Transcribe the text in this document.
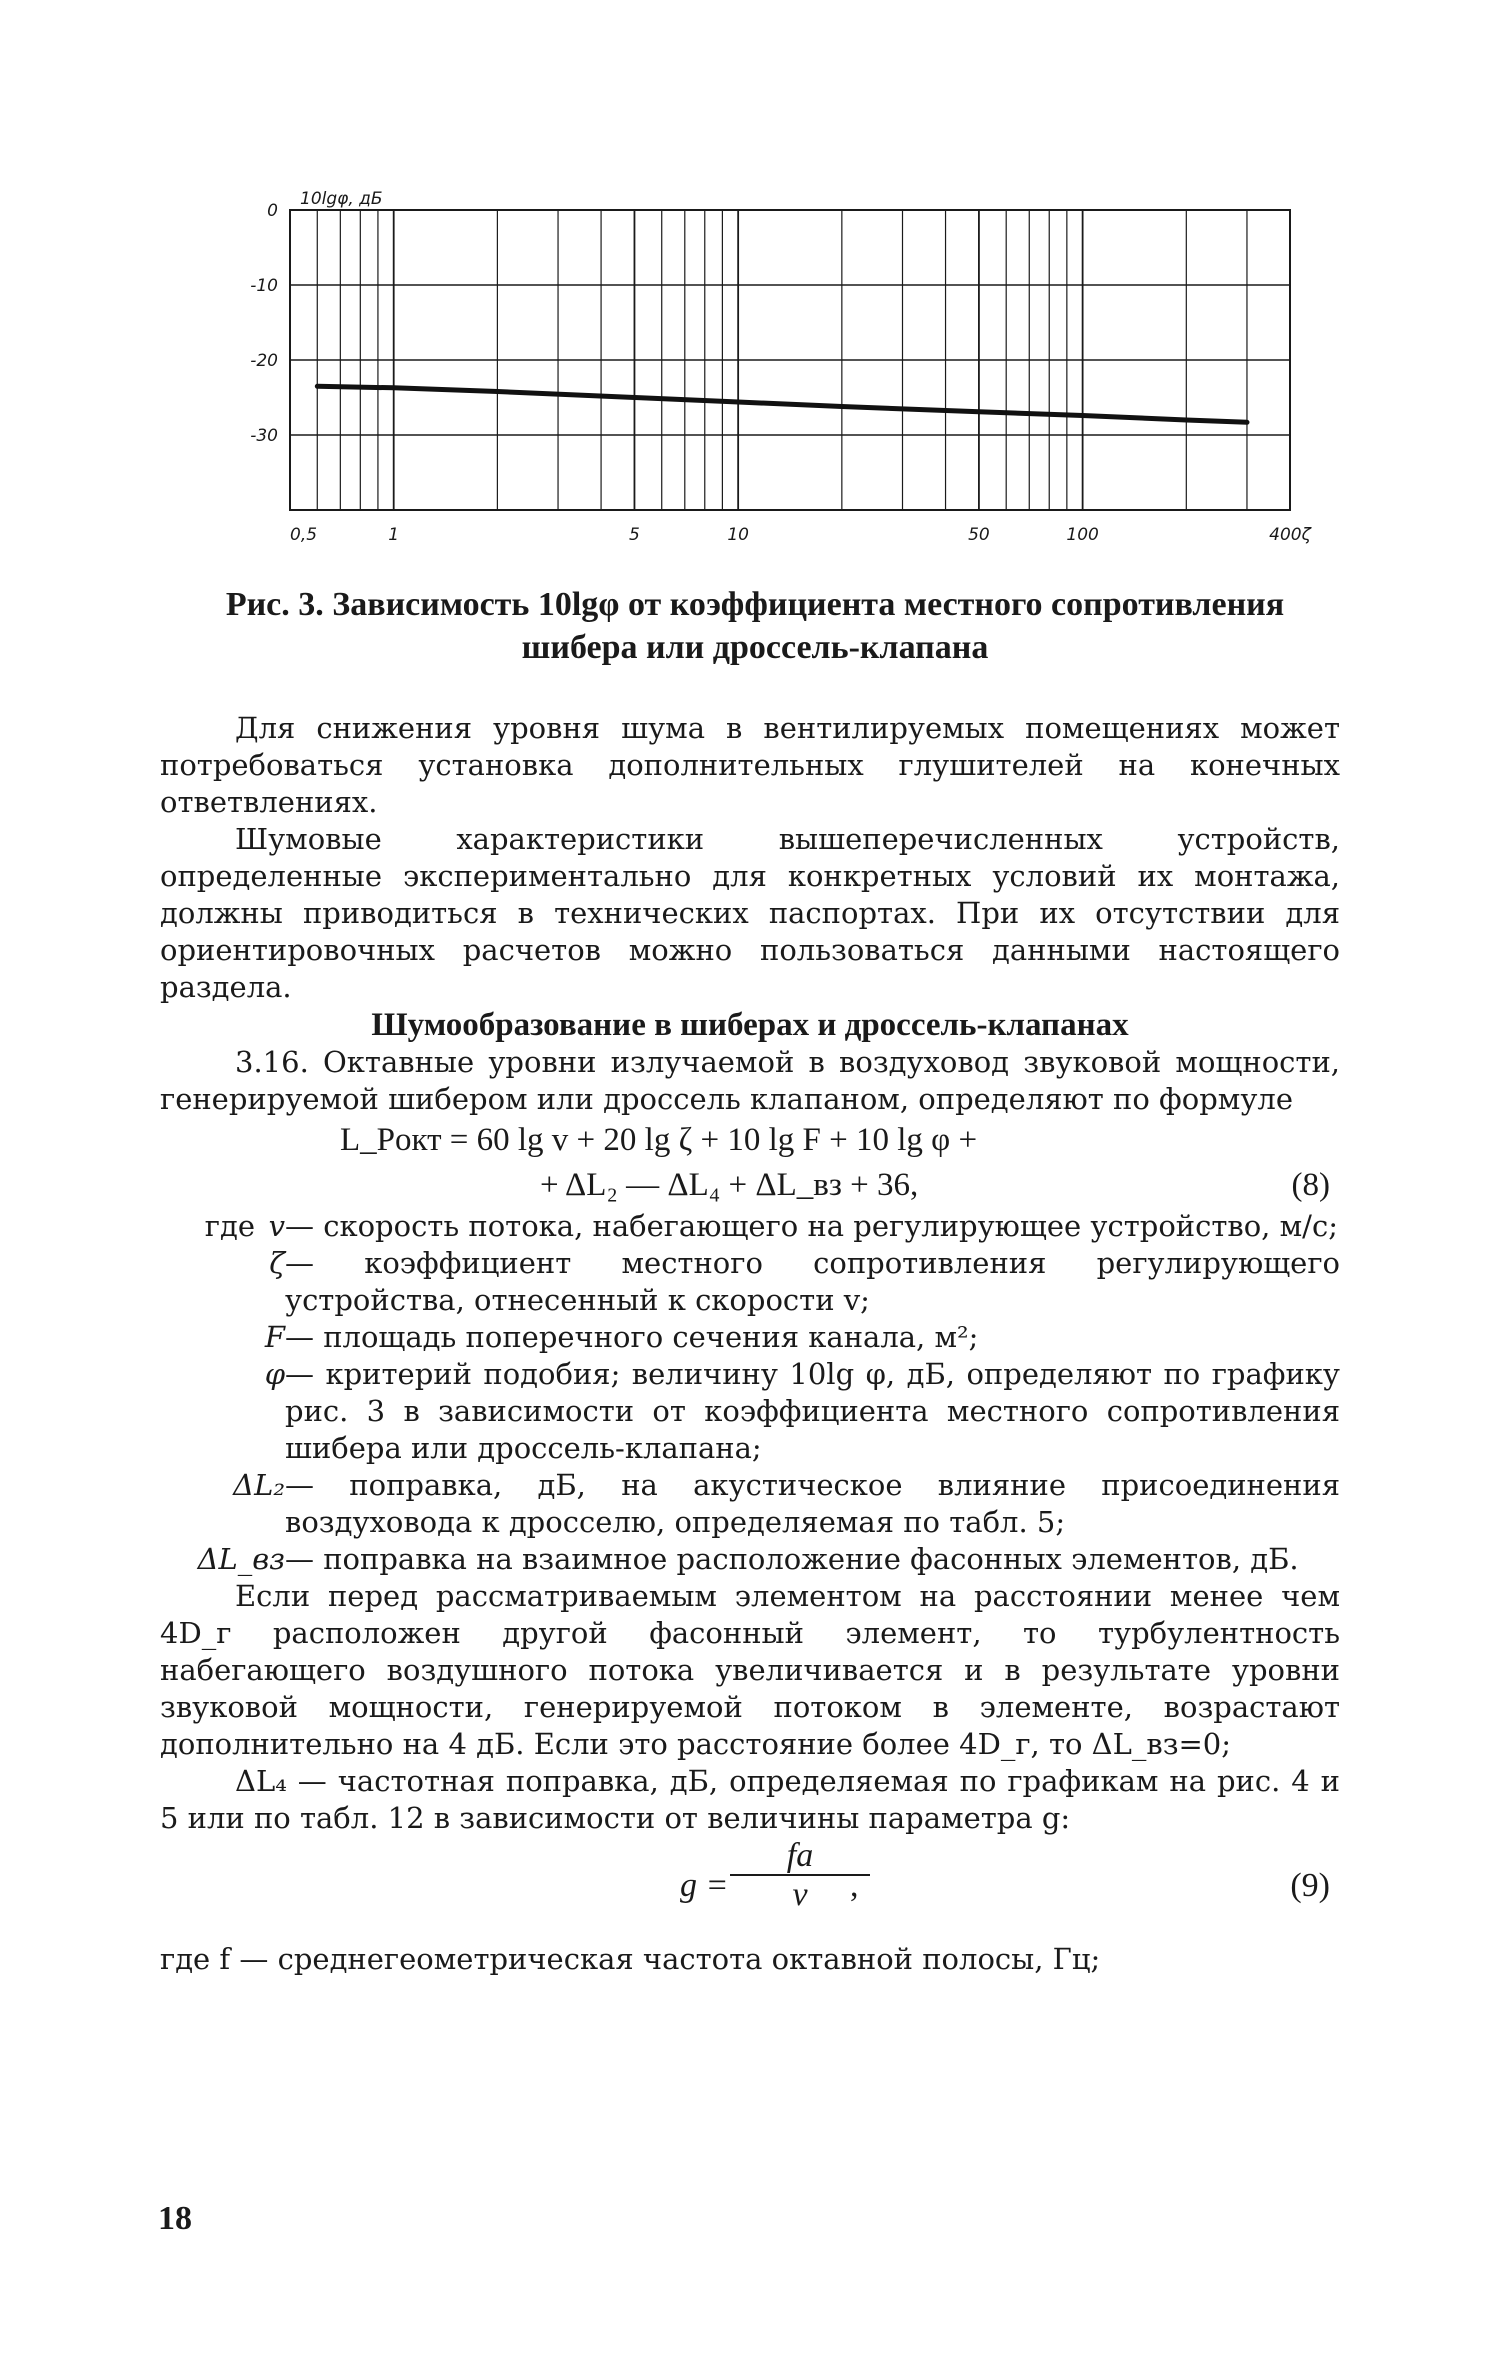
0
-10
-20
-30
10lgφ, дБ
0,5	1	5	10	50	100	400ζ
Рис. 3. Зависимость 10lgφ от коэффициента местного сопротивления шибера или дроссель-клапана

Для снижения уровня шума в вентилируемых помещениях может потребоваться установка дополнительных глушителей на конечных ответвлениях.

Шумовые характеристики вышеперечисленных устройств, определенные экспериментально для конкретных условий их монтажа, должны приводиться в технических паспортах. При их отсутствии для ориентировочных расчетов можно пользоваться данными настоящего раздела.

Шумообразование в шиберах и дроссель-клапанах

3.16. Октавные уровни излучаемой в воздуховод звуковой мощности, генерируемой шибером или дроссель клапаном, определяют по формуле

L_Pокт = 60 lg v + 20 lg ζ + 10 lg F + 10 lg φ +
+ ΔL₂ — ΔL₄ + ΔL_вз + 36,	(8)
где v — скорость потока, набегающего на регулирующее устройство, м/с;
ζ — коэффициент местного сопротивления регулирующего устройства, отнесенный к скорости v;
F — площадь поперечного сечения канала, м²;
φ — критерий подобия; величину 10lg φ, дБ, определяют по графику рис. 3 в зависимости от коэффициента местного сопротивления шибера или дроссель-клапана;
ΔL₂ — поправка, дБ, на акустическое влияние присоединения воздуховода к дросселю, определяемая по табл. 5;
ΔL_вз — поправка на взаимное расположение фасонных элементов, дБ.

Если перед рассматриваемым элементом на расстоянии менее чем 4D_г расположен другой фасонный элемент, то турбулентность набегающего воздушного потока увеличивается и в результате уровни звуковой мощности, генерируемой потоком в элементе, возрастают дополнительно на 4 дБ. Если это расстояние более 4D_г, то ΔL_вз=0;

ΔL₄ — частотная поправка, дБ, определяемая по графикам на рис. 4 и 5 или по табл. 12 в зависимости от величины параметра g:

$g = \frac{fa}{v}$
,	(9)

где f — среднегеометрическая частота октавной полосы, Гц;

18
